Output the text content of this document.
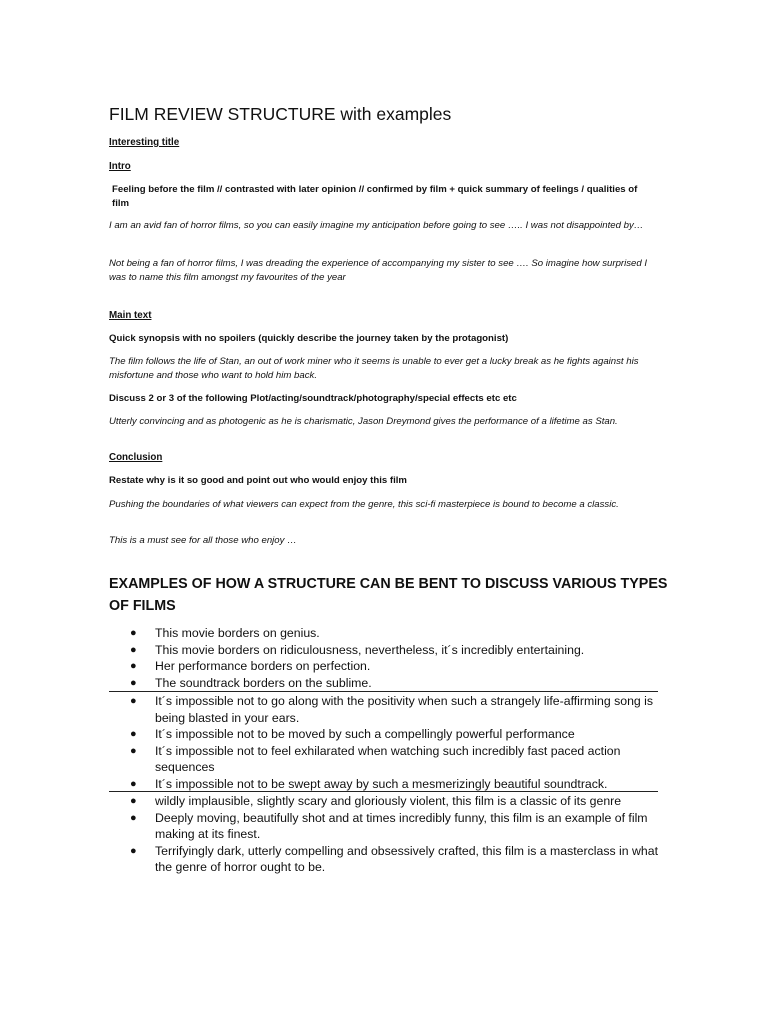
FILM REVIEW STRUCTURE with examples
Interesting title
Intro

Feeling before the film // contrasted with later opinion // confirmed by film + quick summary of feelings / qualities of film

I am an avid fan of horror films, so you can easily imagine my anticipation before going to see ….. I was not disappointed by…

Not being a fan of horror films, I was dreading the experience of accompanying my sister to see …. So imagine how surprised I was to name this film amongst my favourites of the year

Main text

Quick synopsis with no spoilers (quickly describe the journey taken by the protagonist)

The film follows the life of Stan, an out of work miner who it seems is unable to ever get a lucky break as he fights against his misfortune and those who want to hold him back.

Discuss 2 or 3 of the following Plot/acting/soundtrack/photography/special effects etc etc

Utterly convincing and as photogenic as he is charismatic, Jason Dreymond gives the performance of a lifetime as Stan.

Conclusion

Restate why is it so good and point out who would enjoy this film

Pushing the boundaries of what viewers can expect from the genre, this sci-fi masterpiece is bound to become a classic.

This is a must see for all those who enjoy …

EXAMPLES OF HOW A STRUCTURE CAN BE BENT TO DISCUSS VARIOUS TYPES OF FILMS
● This movie borders on genius.
● This movie borders on ridiculousness, nevertheless, it´s incredibly entertaining.
● Her performance borders on perfection.
● The soundtrack borders on the sublime.
● It´s impossible not to go along with the positivity when such a strangely life-affirming song is being blasted in your ears.
● It´s impossible not to be moved by such a compellingly powerful performance
● It´s impossible not to feel exhilarated when watching such incredibly fast paced action sequences
● It´s impossible not to be swept away by such a mesmerizingly beautiful soundtrack.
● wildly implausible, slightly scary and gloriously violent, this film is a classic of its genre
● Deeply moving, beautifully shot and at times incredibly funny, this film is an example of film making at its finest.
● Terrifyingly dark, utterly compelling and obsessively crafted, this film is a masterclass in what the genre of horror ought to be.
